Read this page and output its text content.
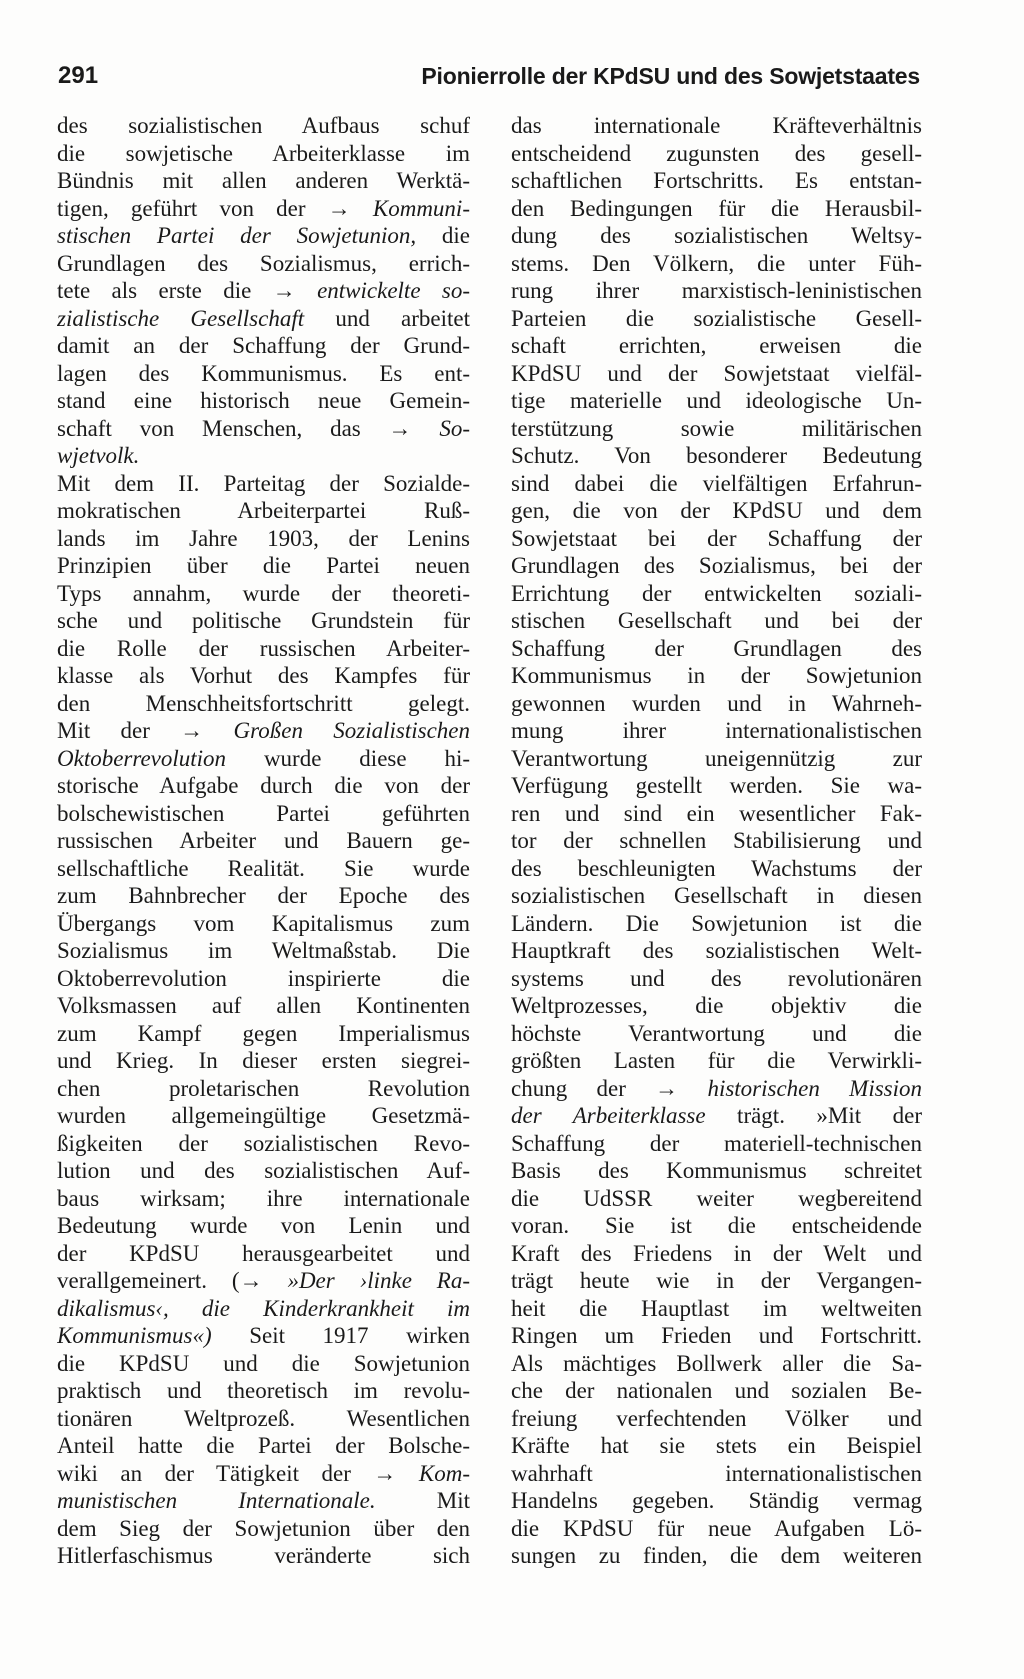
291	Pionierrolle der KPdSU und des Sowjetstaates
des sozialistischen Aufbaus schuf
die sowjetische Arbeiterklasse im
Bündnis mit allen anderen Werktä-
tigen, geführt von der → Kommuni-
stischen Partei der Sowjetunion, die
Grundlagen des Sozialismus, errich-
tete als erste die → entwickelte so-
zialistische Gesellschaft und arbeitet
damit an der Schaffung der Grund-
lagen des Kommunismus. Es ent-
stand eine historisch neue Gemein-
schaft von Menschen, das → So-
wjetvolk.
Mit dem II. Parteitag der Sozialde-
mokratischen Arbeiterpartei Ruß-
lands im Jahre 1903, der Lenins
Prinzipien über die Partei neuen
Typs annahm, wurde der theoreti-
sche und politische Grundstein für
die Rolle der russischen Arbeiter-
klasse als Vorhut des Kampfes für
den Menschheitsfortschritt gelegt.
Mit der → Großen Sozialistischen
Oktoberrevolution wurde diese hi-
storische Aufgabe durch die von der
bolschewistischen Partei geführten
russischen Arbeiter und Bauern ge-
sellschaftliche Realität. Sie wurde
zum Bahnbrecher der Epoche des
Übergangs vom Kapitalismus zum
Sozialismus im Weltmaßstab. Die
Oktoberrevolution inspirierte die
Volksmassen auf allen Kontinenten
zum Kampf gegen Imperialismus
und Krieg. In dieser ersten siegrei-
chen proletarischen Revolution
wurden allgemeingültige Gesetzmä-
ßigkeiten der sozialistischen Revo-
lution und des sozialistischen Auf-
baus wirksam; ihre internationale
Bedeutung wurde von Lenin und
der KPdSU herausgearbeitet und
verallgemeinert. (→ »Der ›linke Ra-
dikalismus‹, die Kinderkrankheit im
Kommunismus«) Seit 1917 wirken
die KPdSU und die Sowjetunion
praktisch und theoretisch im revolu-
tionären Weltprozeß. Wesentlichen
Anteil hatte die Partei der Bolsche-
wiki an der Tätigkeit der → Kom-
munistischen Internationale. Mit
dem Sieg der Sowjetunion über den
Hitlerfaschismus veränderte sich
das internationale Kräfteverhältnis
entscheidend zugunsten des gesell-
schaftlichen Fortschritts. Es entstan-
den Bedingungen für die Herausbil-
dung des sozialistischen Weltsy-
stems. Den Völkern, die unter Füh-
rung ihrer marxistisch-leninistischen
Parteien die sozialistische Gesell-
schaft errichten, erweisen die
KPdSU und der Sowjetstaat vielfäl-
tige materielle und ideologische Un-
terstützung sowie militärischen
Schutz. Von besonderer Bedeutung
sind dabei die vielfältigen Erfahrun-
gen, die von der KPdSU und dem
Sowjetstaat bei der Schaffung der
Grundlagen des Sozialismus, bei der
Errichtung der entwickelten soziali-
stischen Gesellschaft und bei der
Schaffung der Grundlagen des
Kommunismus in der Sowjetunion
gewonnen wurden und in Wahrneh-
mung ihrer internationalistischen
Verantwortung uneigennützig zur
Verfügung gestellt werden. Sie wa-
ren und sind ein wesentlicher Fak-
tor der schnellen Stabilisierung und
des beschleunigten Wachstums der
sozialistischen Gesellschaft in diesen
Ländern. Die Sowjetunion ist die
Hauptkraft des sozialistischen Welt-
systems und des revolutionären
Weltprozesses, die objektiv die
höchste Verantwortung und die
größten Lasten für die Verwirkli-
chung der → historischen Mission
der Arbeiterklasse trägt. »Mit der
Schaffung der materiell-technischen
Basis des Kommunismus schreitet
die UdSSR weiter wegbereitend
voran. Sie ist die entscheidende
Kraft des Friedens in der Welt und
trägt heute wie in der Vergangen-
heit die Hauptlast im weltweiten
Ringen um Frieden und Fortschritt.
Als mächtiges Bollwerk aller die Sa-
che der nationalen und sozialen Be-
freiung verfechtenden Völker und
Kräfte hat sie stets ein Beispiel
wahrhaft internationalistischen
Handelns gegeben. Ständig vermag
die KPdSU für neue Aufgaben Lö-
sungen zu finden, die dem weiteren
